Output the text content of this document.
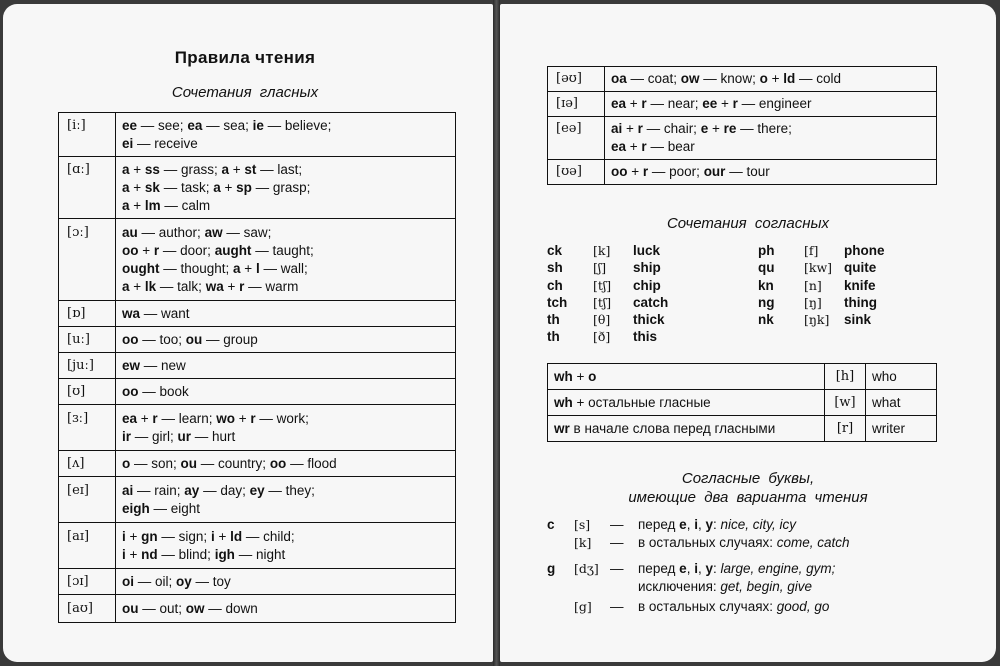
Правила чтения
Сочетания гласных
[iː]	ee — see; ea — sea; ie — believe;
ei — receive

[ɑː]	a + ss — grass; a + st — last;
a + sk — task; a + sp — grasp;
a + lm — calm

[ɔː]	au — author; aw — saw;
oo + r — door; aught — taught;
ought — thought; a + l — wall;
a + lk — talk; wa + r — warm

[ɒ]	wa — want

[uː]	oo — too; ou — group

[juː]	ew — new

[ʊ]	oo — book

[ɜː]	ea + r — learn; wo + r — work;
ir — girl; ur — hurt

[ʌ]	o — son; ou — country; oo — flood

[eɪ]	ai — rain; ay — day; ey — they;
eigh — eight

[aɪ]	i + gn — sign; i + ld — child;
i + nd — blind; igh — night

[ɔɪ]	oi — oil; oy — toy

[aʊ]	ou — out; ow — down
[əʊ]	oa — coat; ow — know; o + ld — cold

[ɪə]	ea + r — near; ee + r — engineer

[eə]	ai + r — chair; e + re — there;
ea + r — bear

[ʊə]	oo + r — poor; our — tour
Сочетания согласных
ck	[k]	luck
sh	[ʃ]	ship
ch	[tʃ]	chip
tch	[tʃ]	catch
th	[θ]	thick
th	[ð]	this
ph	[f]	phone
qu	[kw] quite
kn	[n]	knife
ng	[ŋ]	thing
nk	[ŋk]	sink
wh + o	[h]	who
wh + остальные гласные	[w]	what
wr в начале слова перед гласными	[r]	writer
Согласные буквы,
имеющие два варианта чтения
c	[s]	—	перед e, i, y: nice, city, icy
[k]	—	в остальных случаях: come, catch
g	[dʒ] —	перед e, i, y: large, engine, gym;
исключения: get, begin, give
[g]	—	в остальных случаях: good, go
